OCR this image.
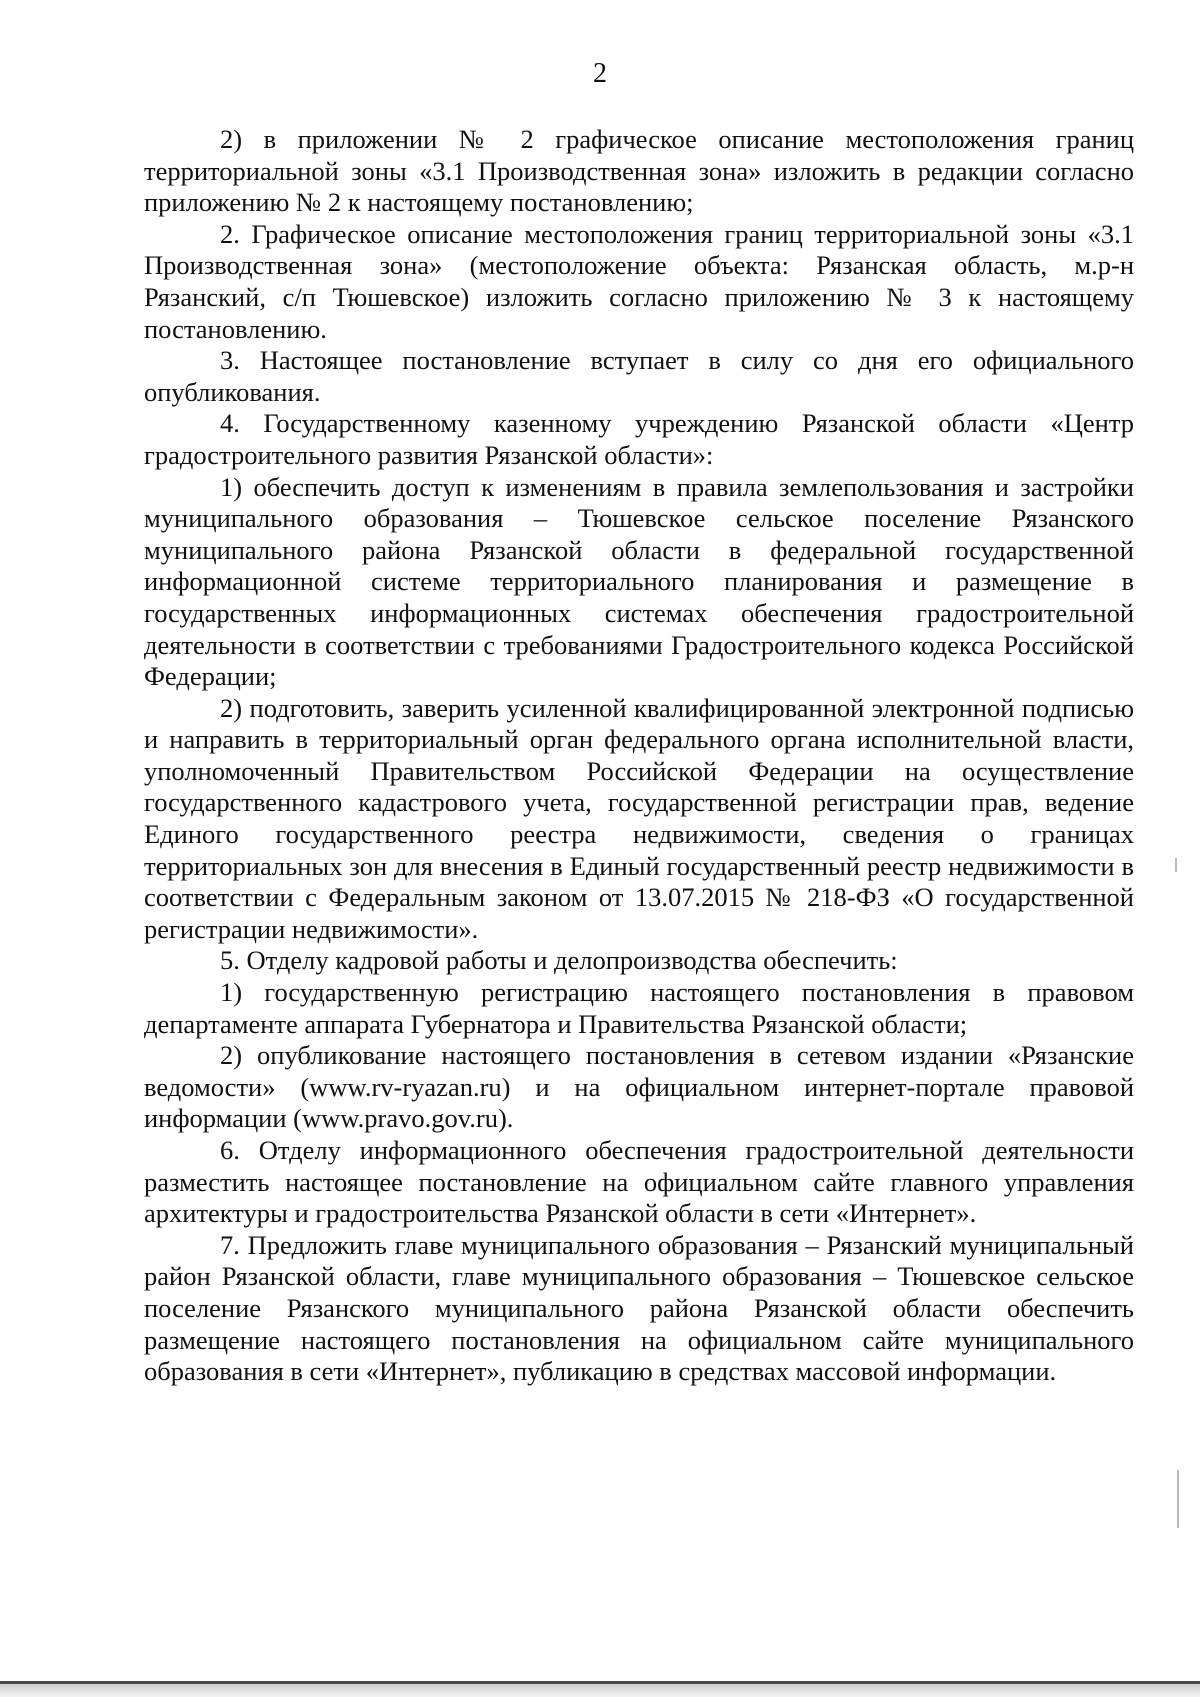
2

2) в приложении № 2 графическое описание местоположения границ территориальной зоны «3.1 Производственная зона» изложить в редакции согласно приложению № 2 к настоящему постановлению;

2. Графическое описание местоположения границ территориальной зоны «3.1 Производственная зона» (местоположение объекта: Рязанская область, м.р-н Рязанский, с/п Тюшевское) изложить согласно приложению № 3 к настоящему постановлению.

3. Настоящее постановление вступает в силу со дня его официального опубликования.

4. Государственному казенному учреждению Рязанской области «Центр градостроительного развития Рязанской области»:

1) обеспечить доступ к изменениям в правила землепользования и застройки муниципального образования – Тюшевское сельское поселение Рязанского муниципального района Рязанской области в федеральной государственной информационной системе территориального планирования и размещение в государственных информационных системах обеспечения градостроительной деятельности в соответствии с требованиями Градостроительного кодекса Российской Федерации;

2) подготовить, заверить усиленной квалифицированной электронной подписью и направить в территориальный орган федерального органа исполнительной власти, уполномоченный Правительством Российской Федерации на осуществление государственного кадастрового учета, государственной регистрации прав, ведение Единого государственного реестра недвижимости, сведения о границах территориальных зон для внесения в Единый государственный реестр недвижимости в соответствии с Федеральным законом от 13.07.2015 № 218-ФЗ «О государственной регистрации недвижимости».

5. Отделу кадровой работы и делопроизводства обеспечить:

1) государственную регистрацию настоящего постановления в правовом департаменте аппарата Губернатора и Правительства Рязанской области;

2) опубликование настоящего постановления в сетевом издании «Рязанские ведомости» (www.rv-ryazan.ru) и на официальном интернет-портале правовой информации (www.pravo.gov.ru).

6. Отделу информационного обеспечения градостроительной деятельности разместить настоящее постановление на официальном сайте главного управления архитектуры и градостроительства Рязанской области в сети «Интернет».

7. Предложить главе муниципального образования – Рязанский муниципальный район Рязанской области, главе муниципального образования – Тюшевское сельское поселение Рязанского муниципального района Рязанской области обеспечить размещение настоящего постановления на официальном сайте муниципального образования в сети «Интернет», публикацию в средствах массовой информации.
